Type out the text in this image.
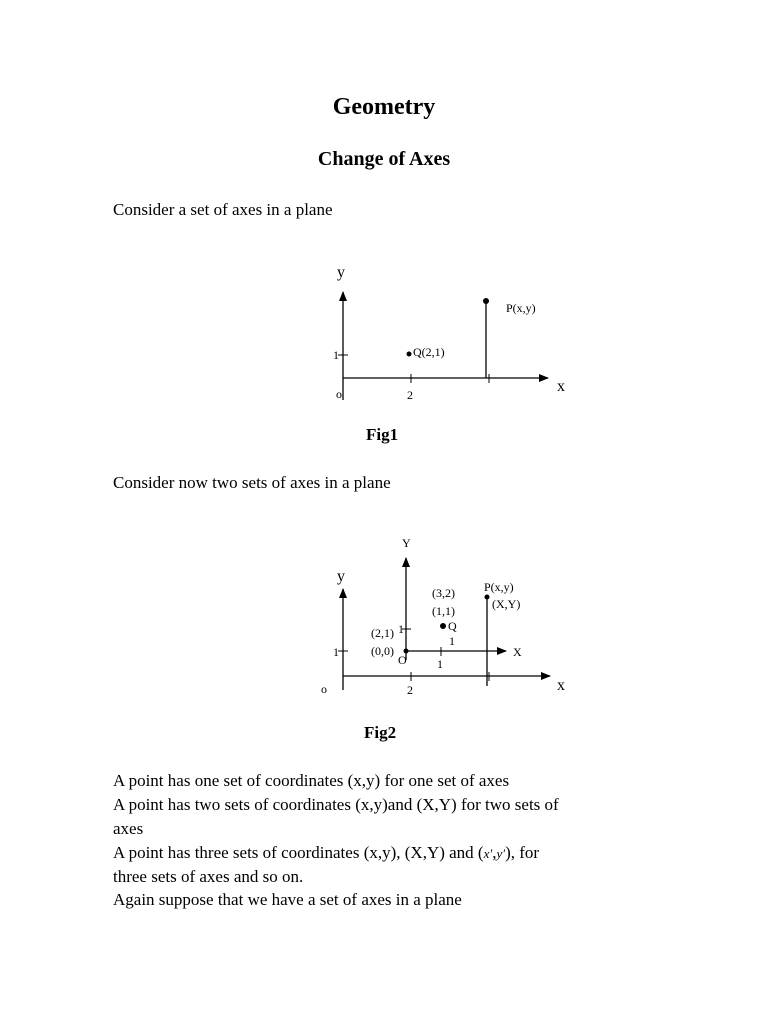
Geometry
Change of Axes
Consider a set of axes in a plane
y
x
o
1
2
Q(2,1)
P(x,y)
Fig1
Consider now two sets of axes in a plane
Y
y
X
x
o
O
1
2
1
1
(3,2)
(1,1)
Q
1
(2,1)
(0,0)
P(x,y)
(X,Y)
Fig2
A point has one set of coordinates (x,y) for one set of axes
A point has two sets of coordinates (x,y)and (X,Y) for two sets of
axes
A point has three sets of coordinates (x,y), (X,Y) and (x′,y′), for
three sets of axes and so on.
Again suppose that we have a set of axes in a plane
